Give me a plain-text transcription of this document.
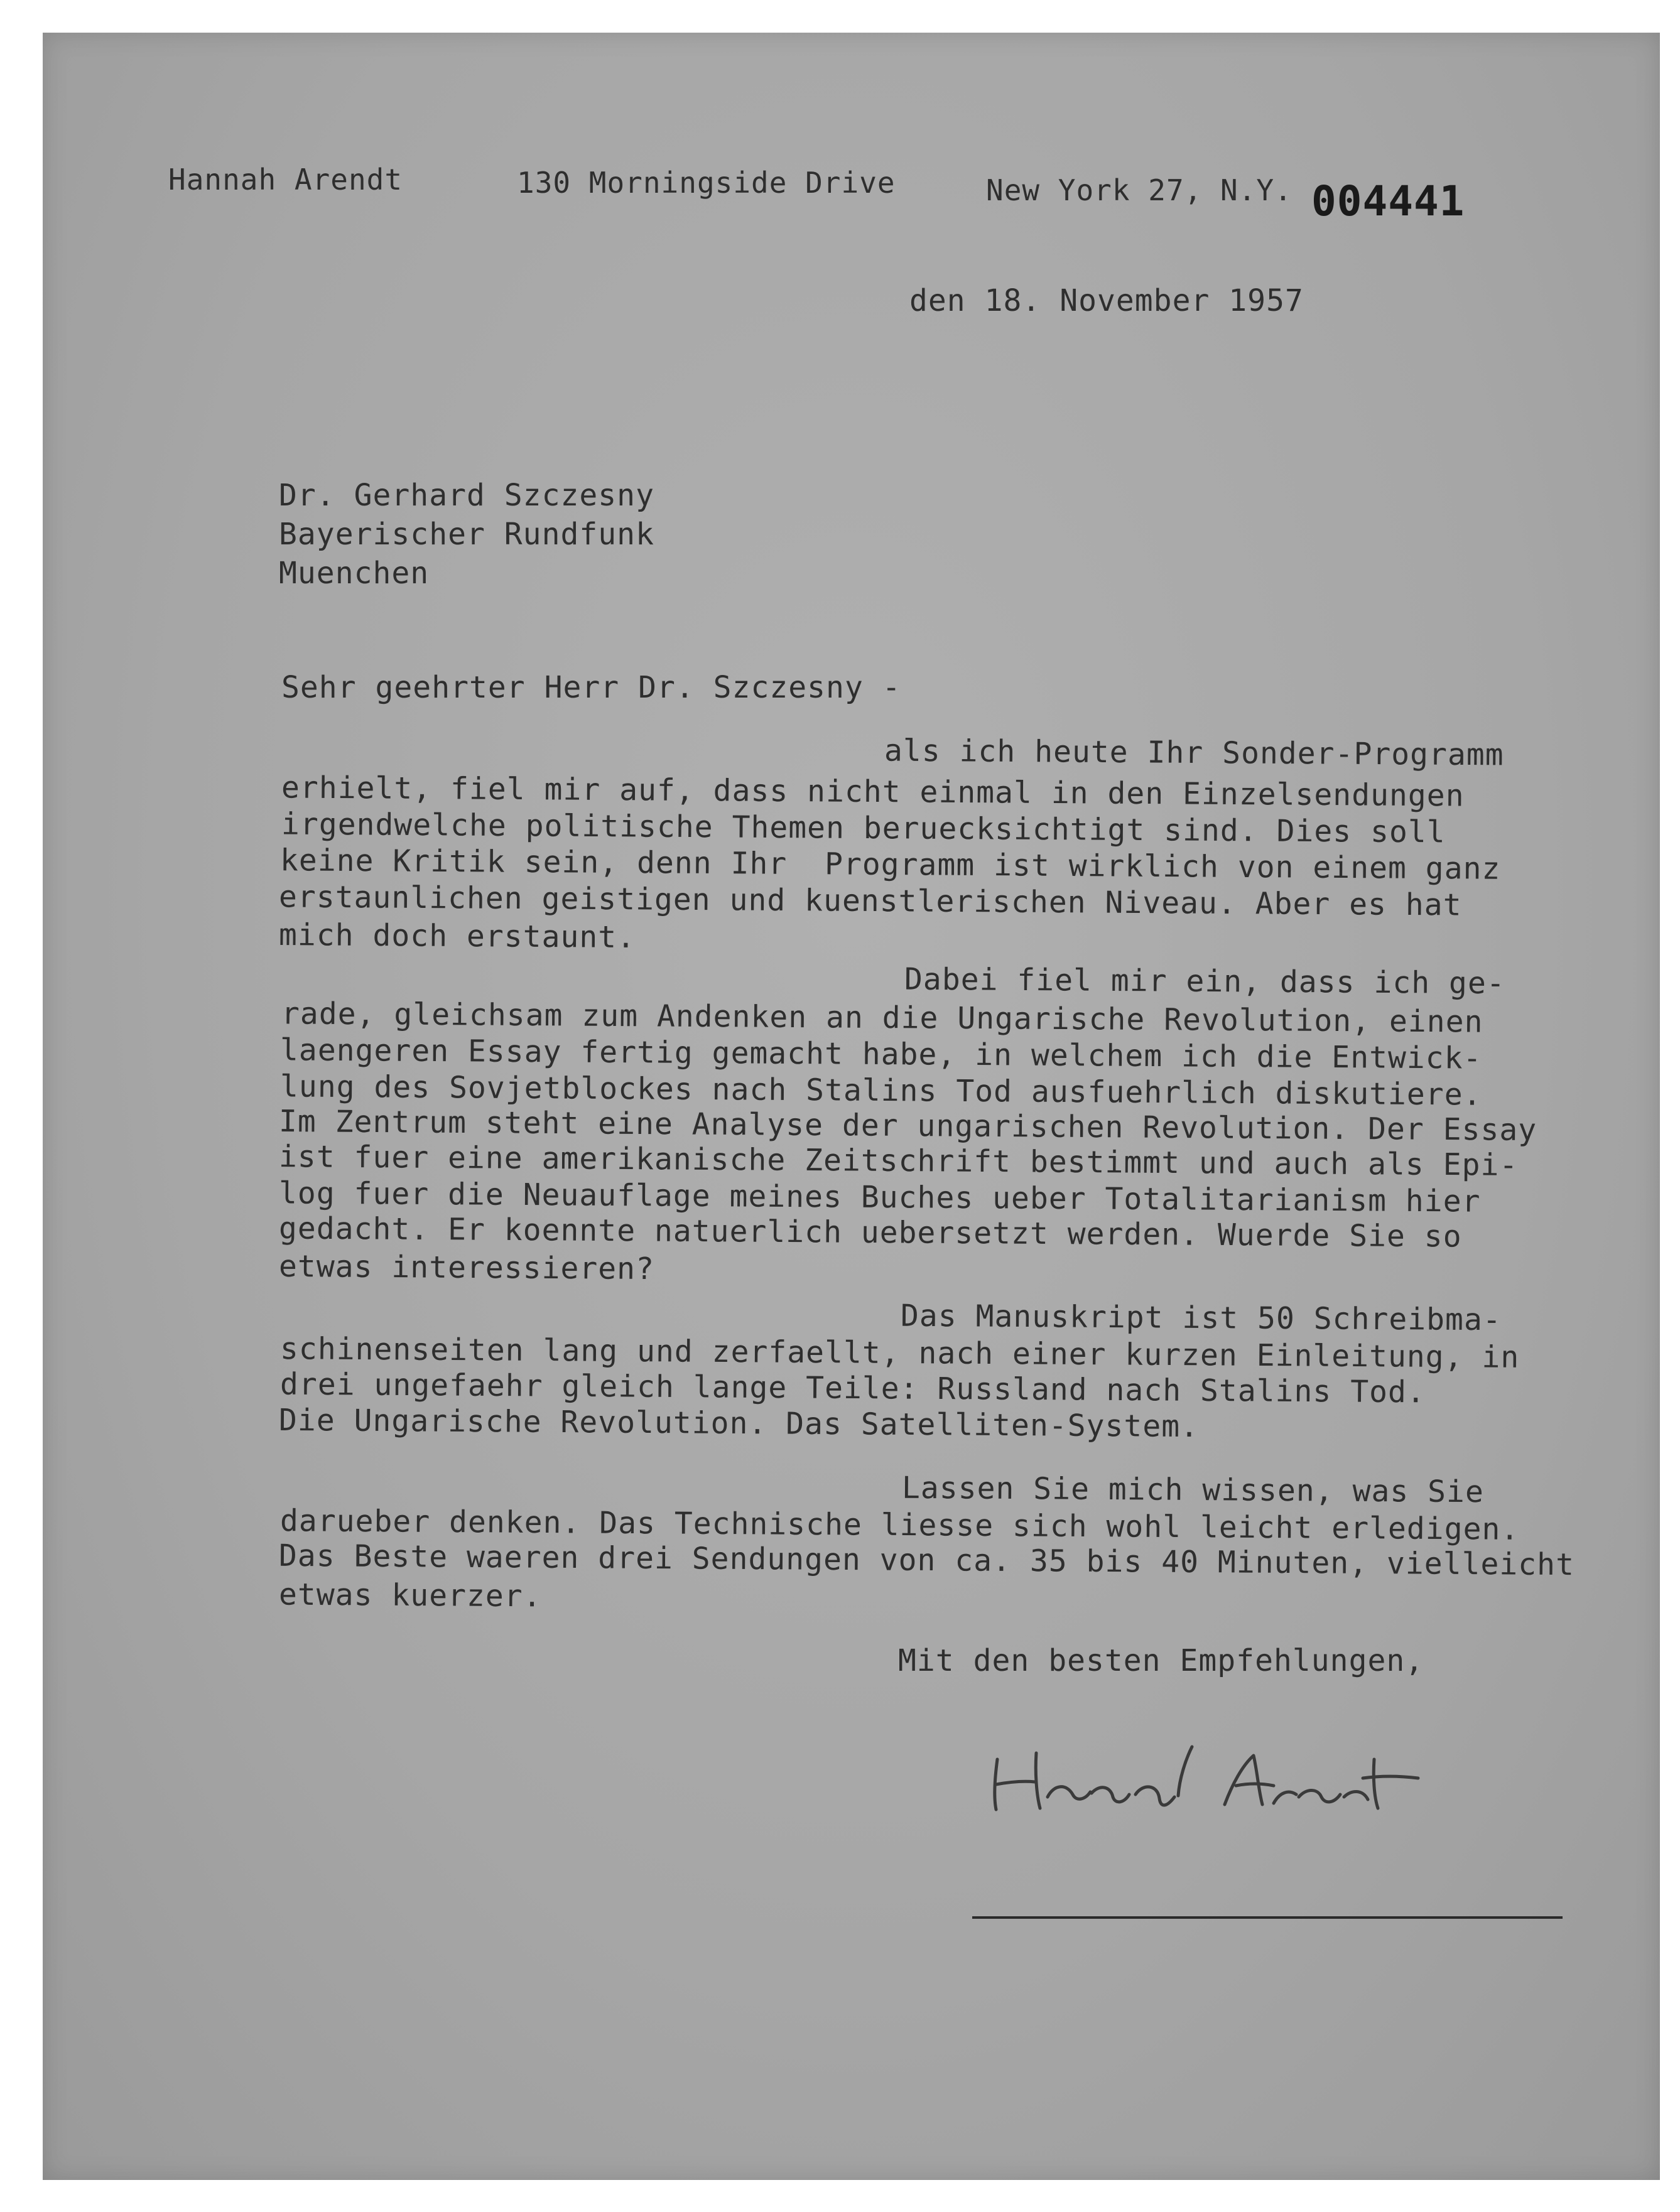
Hannah Arendt	130 Morningside Drive	New York 27, N.Y. 004441
den 18. November 1957
Dr. Gerhard Szczesny
Bayerischer Rundfunk
Muenchen
Sehr geehrter Herr Dr. Szczesny -
als ich heute Ihr Sonder-Programm
erhielt, fiel mir auf, dass nicht einmal in den Einzelsendungen
irgendwelche politische Themen beruecksichtigt sind. Dies soll
keine Kritik sein, denn Ihr  Programm ist wirklich von einem ganz
erstaunlichen geistigen und kuenstlerischen Niveau. Aber es hat
mich doch erstaunt.
Dabei fiel mir ein, dass ich ge-
rade, gleichsam zum Andenken an die Ungarische Revolution, einen
laengeren Essay fertig gemacht habe, in welchem ich die Entwick-
lung des Sovjetblockes nach Stalins Tod ausfuehrlich diskutiere.
Im Zentrum steht eine Analyse der ungarischen Revolution. Der Essay
ist fuer eine amerikanische Zeitschrift bestimmt und auch als Epi-
log fuer die Neuauflage meines Buches ueber Totalitarianism hier
gedacht. Er koennte natuerlich uebersetzt werden. Wuerde Sie so
etwas interessieren?
Das Manuskript ist 50 Schreibma-
schinenseiten lang und zerfaellt, nach einer kurzen Einleitung, in
drei ungefaehr gleich lange Teile: Russland nach Stalins Tod.
Die Ungarische Revolution. Das Satelliten-System.
Lassen Sie mich wissen, was Sie
darueber denken. Das Technische liesse sich wohl leicht erledigen.
Das Beste waeren drei Sendungen von ca. 35 bis 40 Minuten, vielleicht
etwas kuerzer.
Mit den besten Empfehlungen,
